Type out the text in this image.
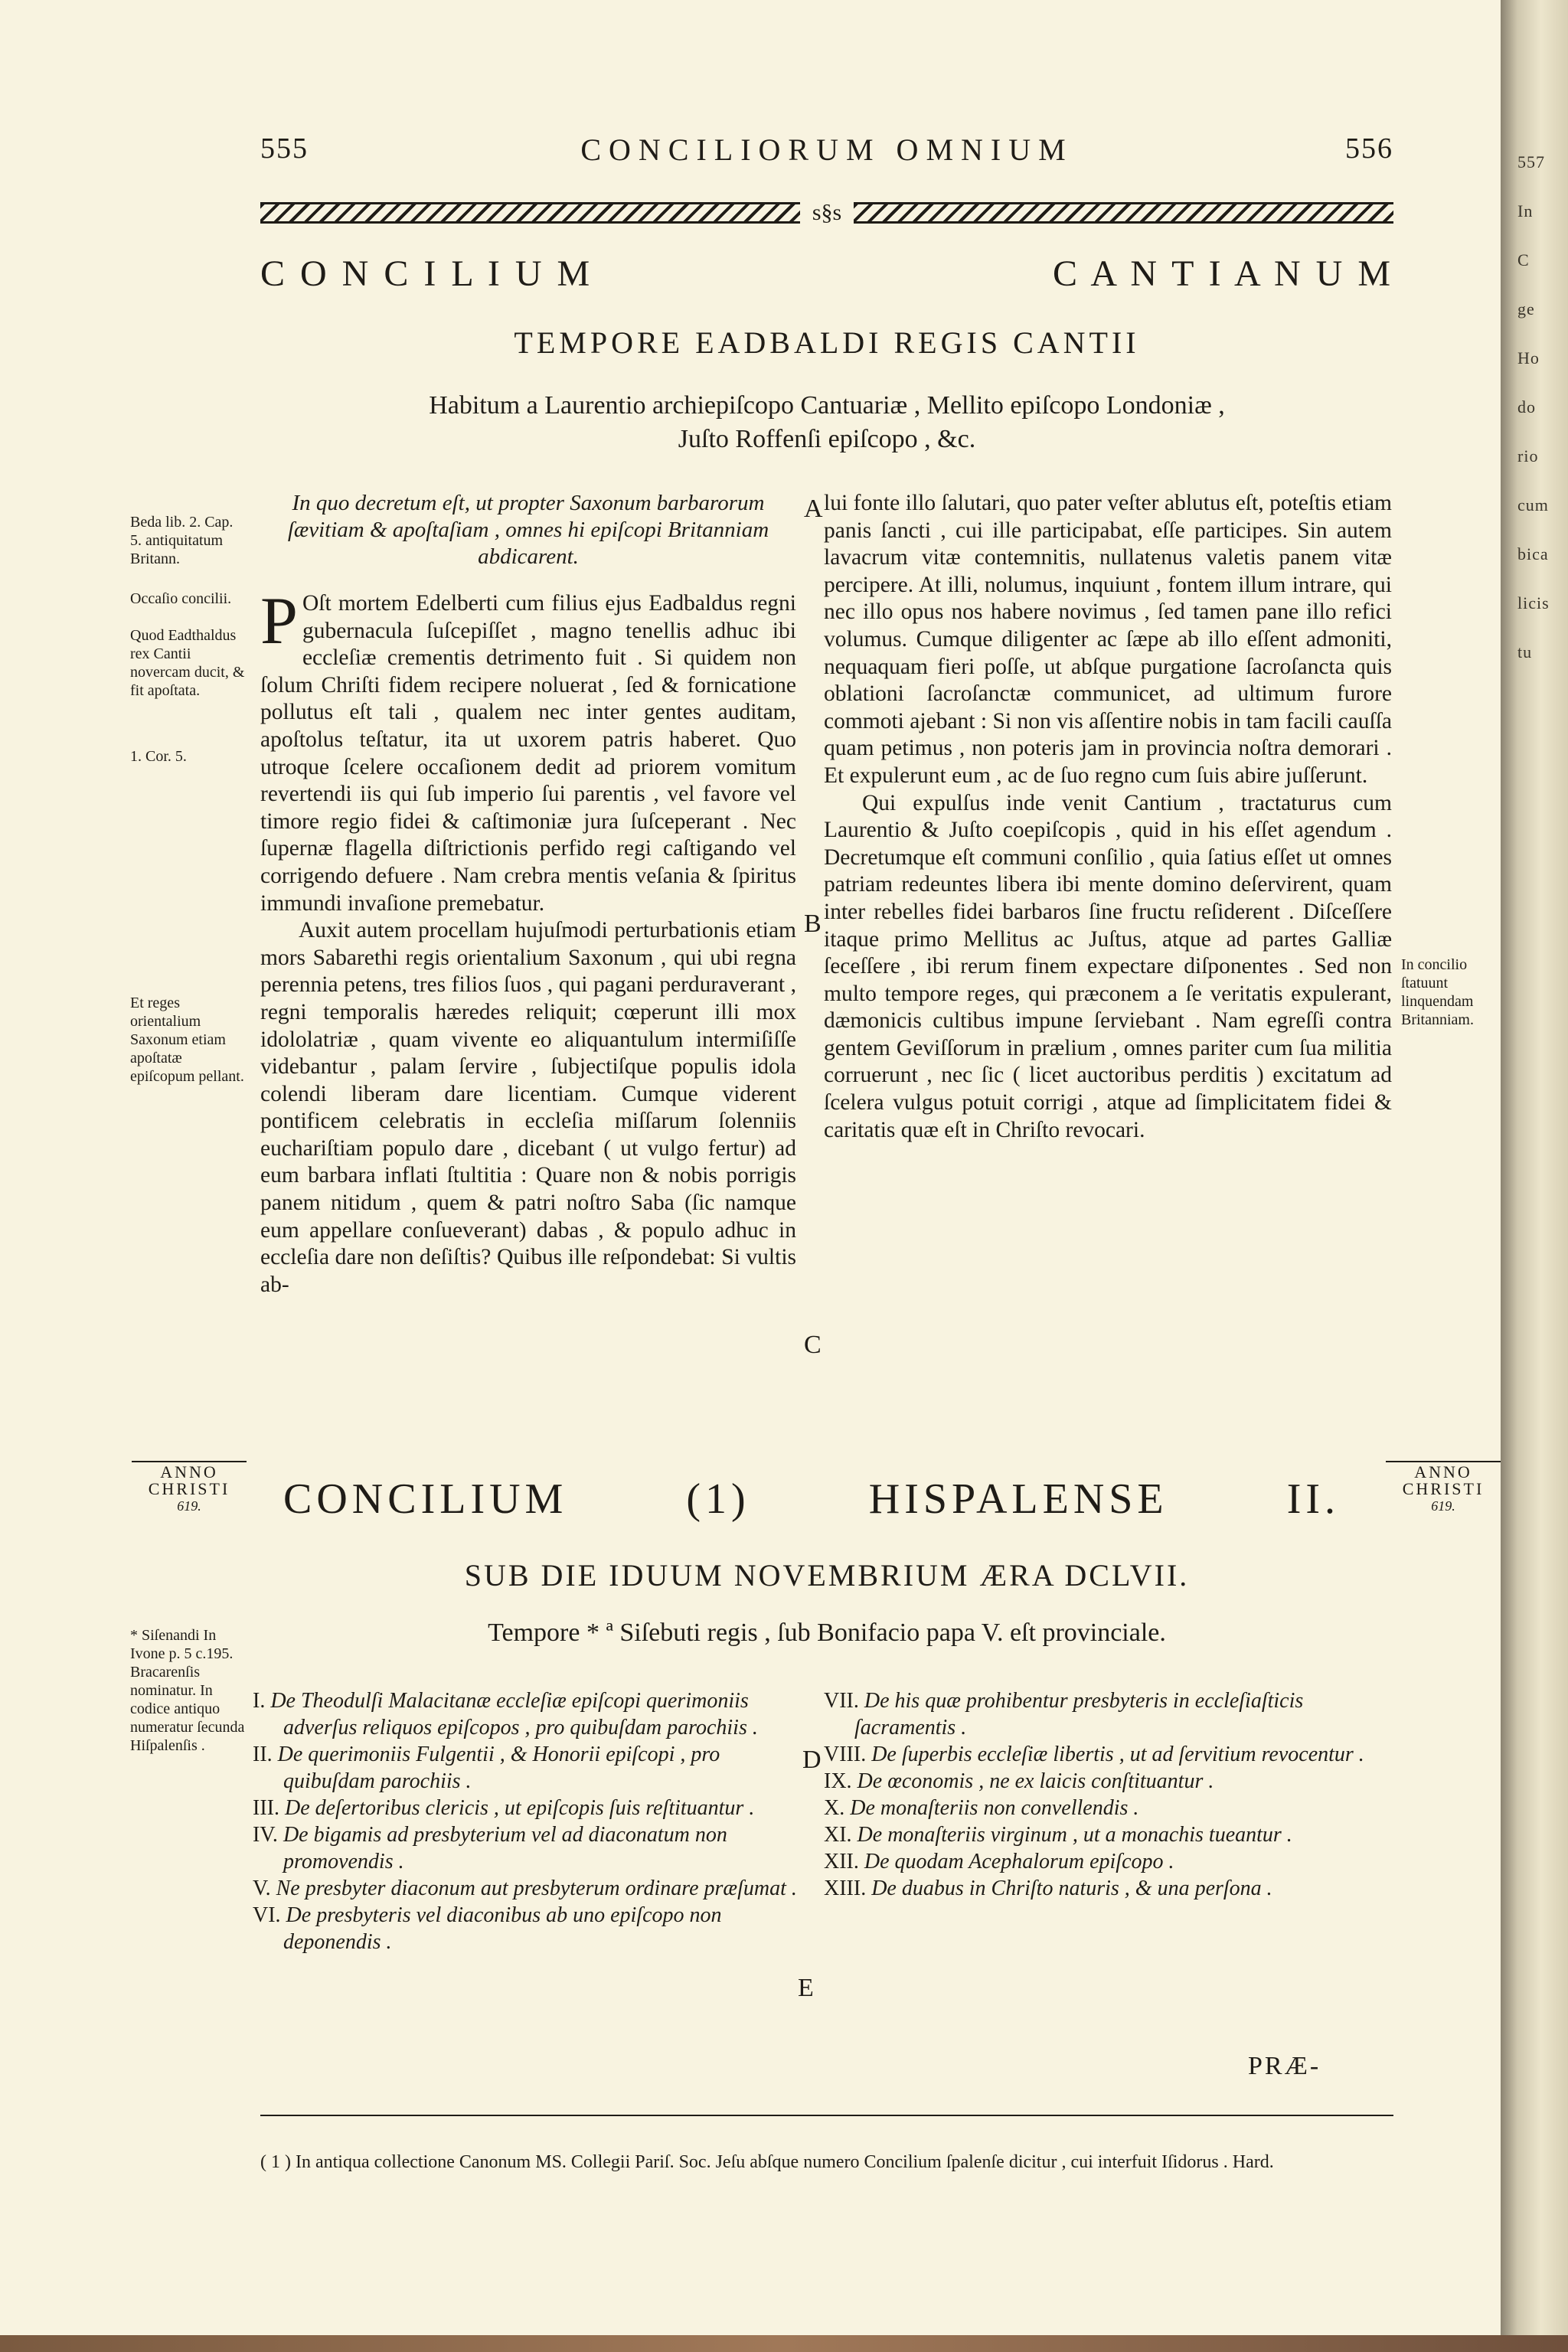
555	CONCILIORUM OMNIUM	556
s§s
C O N C I L I U M	C A N T I A N U M
TEMPORE EADBALDI REGIS CANTII
Habitum a Laurentio archiepiſcopo Cantuariæ , Mellito epiſcopo Londoniæ ,
Juſto Roffenſi epiſcopo , &c.
Beda lib. 2. Cap. 5. antiquitatum Britann.
Occaſio concilii.
Quod Eadthaldus rex Cantii novercam ducit, & fit apoſtata.
1. Cor. 5.
Et reges orientalium Saxonum etiam apoſtatæ epiſcopum pellant.
In concilio ſtatuunt linquendam Britanniam.
* Siſenandi In Ivone p. 5 c.195. Bracarenſis nominatur. In codice antiquo numeratur ſecunda Hiſpalenſis .
A
B
C
D
E

In quo decretum eſt, ut propter Saxonum barbarorum ſævitiam & apoſtaſiam , omnes hi epiſcopi Britanniam abdicarent.

P Oſt mortem Edelberti cum filius ejus Eadbaldus regni gubernacula ſuſcepiſſet , magno tenellis adhuc ibi eccleſiæ crementis detrimento fuit . Si quidem non ſolum Chriſti fidem recipere noluerat , ſed & fornicatione pollutus eſt tali , qualem nec inter gentes auditam, apoſtolus teſtatur, ita ut uxorem patris haberet. Quo utroque ſcelere occaſionem dedit ad priorem vomitum revertendi iis qui ſub imperio ſui parentis , vel favore vel timore regio fidei & caſtimoniæ jura ſuſceperant . Nec ſupernæ flagella diſtrictionis perfido regi caſtigando vel corrigendo defuere . Nam crebra mentis veſania & ſpiritus immundi invaſione premebatur.

Auxit autem procellam hujuſmodi perturbationis etiam mors Sabarethi regis orientalium Saxonum , qui ubi regna perennia petens, tres filios ſuos , qui pagani perduraverant , regni temporalis hæredes reliquit; cœperunt illi mox idololatriæ , quam vivente eo aliquantulum intermiſiſſe videbantur , palam ſervire , ſubjectiſque populis idola colendi liberam dare licentiam. Cumque viderent pontificem celebratis in eccleſia miſſarum ſolenniis euchariſtiam populo dare , dicebant ( ut vulgo fertur) ad eum barbara inflati ſtultitia : Quare non & nobis porrigis panem nitidum , quem & patri noſtro Saba (ſic namque eum appellare conſueverant) dabas , & populo adhuc in eccleſia dare non deſiſtis? Quibus ille reſpondebat: Si vultis ab-

lui fonte illo ſalutari, quo pater veſter ablutus eſt, poteſtis etiam panis ſancti , cui ille participabat, eſſe participes. Sin autem lavacrum vitæ contemnitis, nullatenus valetis panem vitæ percipere. At illi, nolumus, inquiunt , fontem illum intrare, qui nec illo opus nos habere novimus , ſed tamen pane illo refici volumus. Cumque diligenter ac ſæpe ab illo eſſent admoniti, nequaquam fieri poſſe, ut abſque purgatione ſacroſancta quis oblationi ſacroſanctæ communicet, ad ultimum furore commoti ajebant : Si non vis aſſentire nobis in tam facili cauſſa quam petimus , non poteris jam in provincia noſtra demorari . Et expulerunt eum , ac de ſuo regno cum ſuis abire juſſerunt.

Qui expulſus inde venit Cantium , tractaturus cum Laurentio & Juſto coepiſcopis , quid in his eſſet agendum . Decretumque eſt communi conſilio , quia ſatius eſſet ut omnes patriam redeuntes libera ibi mente domino deſervirent, quam inter rebelles fidei barbaros ſine fructu reſiderent . Diſceſſere itaque primo Mellitus ac Juſtus, atque ad partes Galliæ ſeceſſere , ibi rerum finem expectare diſponentes . Sed non multo tempore reges, qui præconem a ſe veritatis expulerant, dæmonicis cultibus impune ſerviebant . Nam egreſſi contra gentem Geviſſorum in prælium , omnes pariter cum ſua militia corruerunt , nec ſic ( licet auctoribus perditis ) excitatum ad ſcelera vulgus potuit corrigi , atque ad ſimplicitatem fidei & caritatis quæ eſt in Chriſto revocari.

ANNO
CHRISTI
619.
ANNO
CHRISTI
619.
CONCILIUM	(1)	HISPALENSE	II.
SUB DIE IDUUM NOVEMBRIUM ÆRA DCLVII.
Tempore * ª Siſebuti regis , ſub Bonifacio papa V. eſt provinciale.
I. De Theodulſi Malacitanæ eccleſiæ epiſcopi querimoniis adverſus reliquos epiſcopos , pro quibuſdam parochiis .
II. De querimoniis Fulgentii , & Honorii epiſcopi , pro quibuſdam parochiis .
III. De deſertoribus clericis , ut epiſcopis ſuis reſtituantur .
IV. De bigamis ad presbyterium vel ad diaconatum non promovendis .
V. Ne presbyter diaconum aut presbyterum ordinare præſumat .
VI. De presbyteris vel diaconibus ab uno epiſcopo non deponendis .
VII. De his quæ prohibentur presbyteris in eccleſiaſticis ſacramentis .
VIII. De ſuperbis eccleſiæ libertis , ut ad ſervitium revocentur .
IX. De œconomis , ne ex laicis conſtituantur .
X. De monaſteriis non convellendis .
XI. De monaſteriis virginum , ut a monachis tueantur .
XII. De quodam Acephalorum epiſcopo .
XIII. De duabus in Chriſto naturis , & una perſona .
PRÆ-
( 1 ) In antiqua collectione Canonum MS. Collegii Pariſ. Soc. Jeſu abſque numero Concilium ſpalenſe dicitur , cui interfuit Iſidorus . Hard.
557
In
C
ge
Ho
do
rio
cum
bica
licis
tu
